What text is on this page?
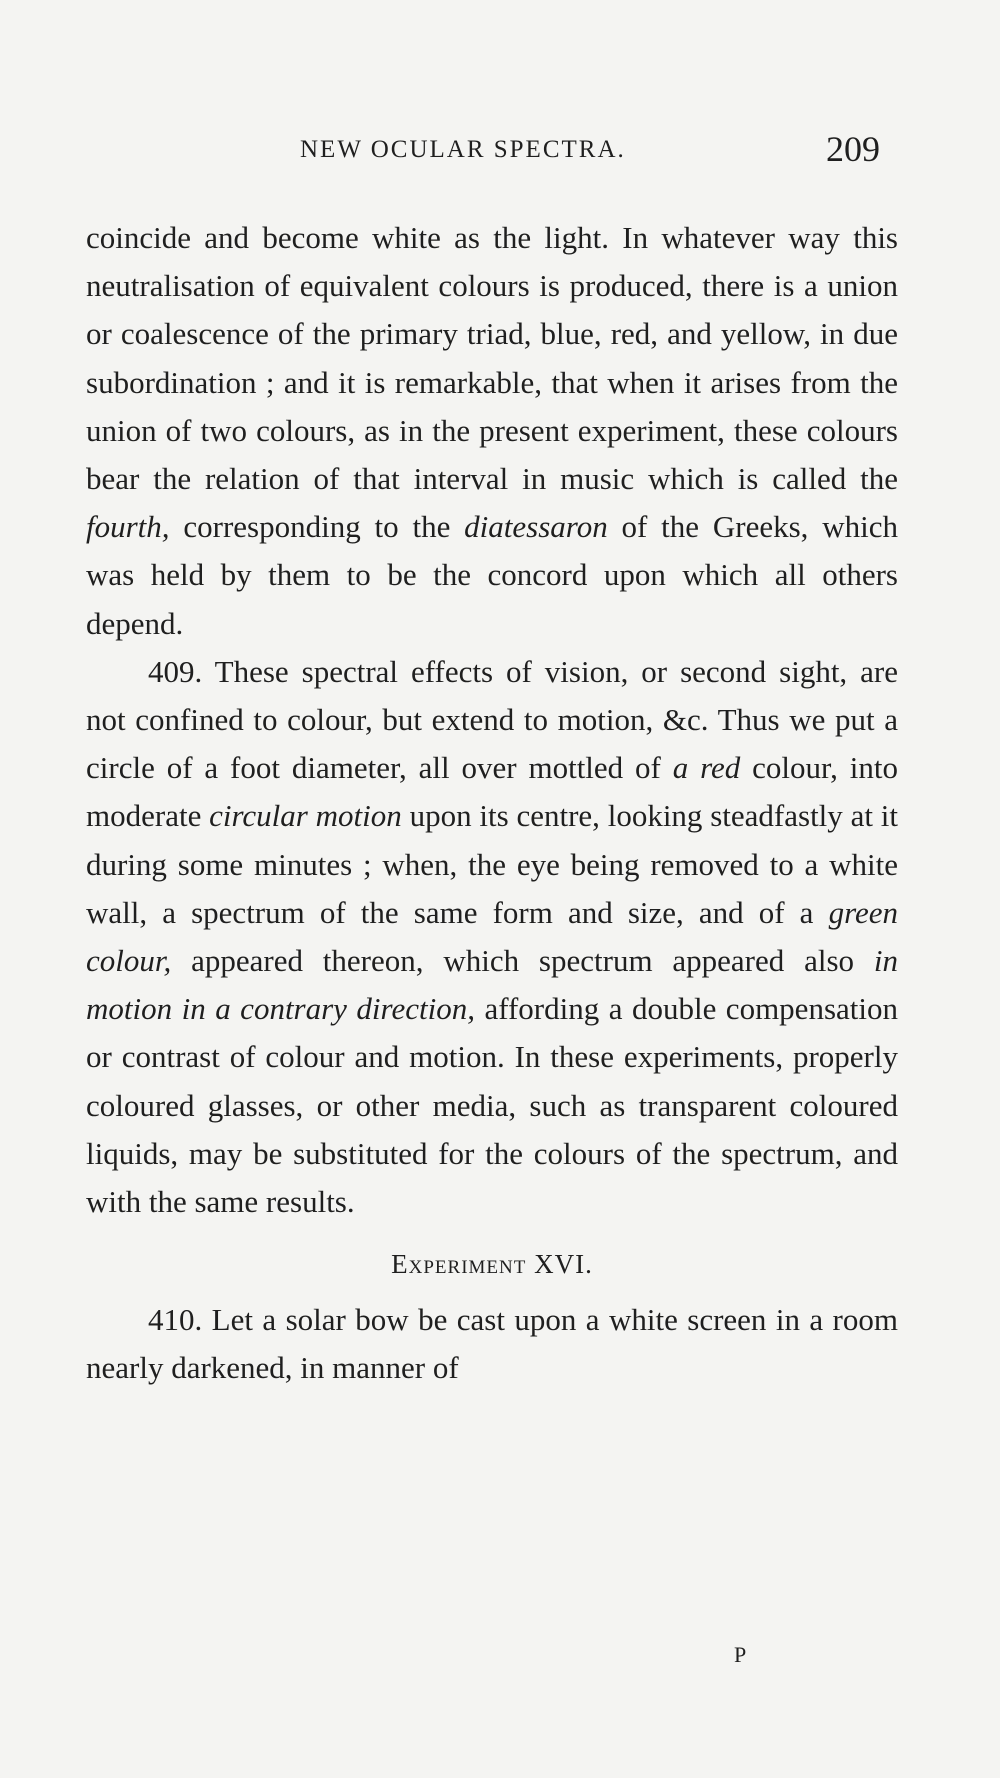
NEW OCULAR SPECTRA.	209

coincide and become white as the light. In whatever way this neutralisation of equivalent colours is produced, there is a union or coalescence of the primary triad, blue, red, and yellow, in due subordination ; and it is remarkable, that when it arises from the union of two colours, as in the present experiment, these colours bear the relation of that interval in music which is called the fourth, corresponding to the diatessaron of the Greeks, which was held by them to be the concord upon which all others depend.

409. These spectral effects of vision, or second sight, are not confined to colour, but extend to motion, &c. Thus we put a circle of a foot diameter, all over mottled of a red colour, into moderate circular motion upon its centre, looking steadfastly at it during some minutes ; when, the eye being removed to a white wall, a spectrum of the same form and size, and of a green colour, appeared thereon, which spectrum appeared also in motion in a contrary direction, affording a double compensation or contrast of colour and motion. In these experiments, properly coloured glasses, or other media, such as transparent coloured liquids, may be substituted for the colours of the spectrum, and with the same results.

Experiment XVI.

410. Let a solar bow be cast upon a white screen in a room nearly darkened, in manner of

P
